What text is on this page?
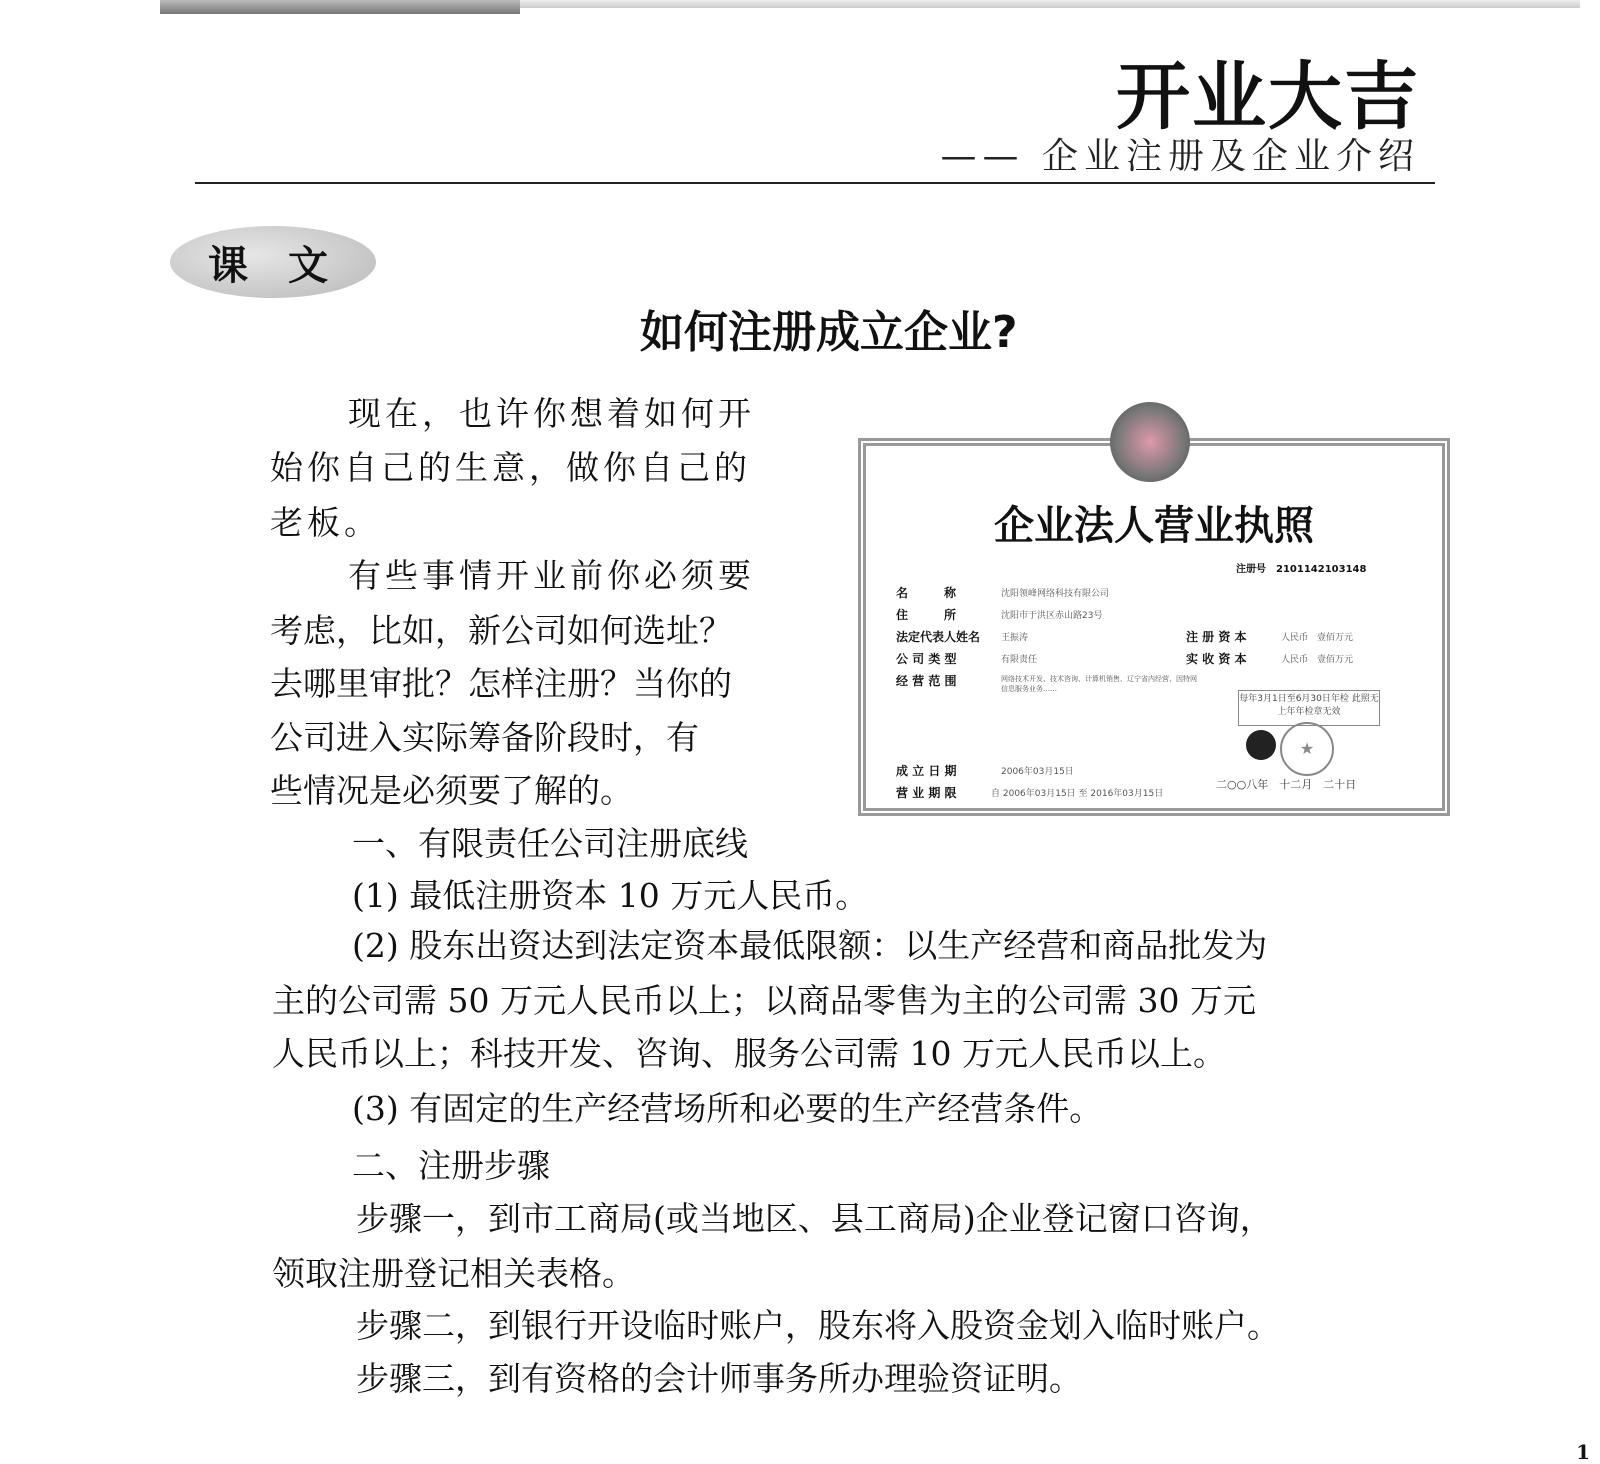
开业大吉
—— 企业注册及企业介绍
课文
如何注册成立企业?
现在，也许你想着如何开
始你自己的生意，做你自己的
老板。
有些事情开业前你必须要
考虑，比如，新公司如何选址？
去哪里审批？怎样注册？当你的
公司进入实际筹备阶段时，有
些情况是必须要了解的。
一、有限责任公司注册底线
(1) 最低注册资本 10 万元人民币。
(2) 股东出资达到法定资本最低限额：以生产经营和商品批发为
主的公司需 50 万元人民币以上；以商品零售为主的公司需 30 万元
人民币以上；科技开发、咨询、服务公司需 10 万元人民币以上。
(3) 有固定的生产经营场所和必要的生产经营条件。
二、注册步骤
步骤一，到市工商局(或当地区、县工商局)企业登记窗口咨询，
领取注册登记相关表格。
步骤二，到银行开设临时账户，股东将入股资金划入临时账户。
步骤三，到有资格的会计师事务所办理验资证明。
企业法人营业执照
注册号　 2101142103148
名　　　称	沈阳领峰网络科技有限公司
住　　　所	沈阳市于洪区赤山路23号
法定代表人姓名 王振涛
公 司 类 型	有限责任
经 营 范 围	网络技术开发、技术咨询、计算机销售、辽宁省内经营、因特网信息服务业务……
成 立 日 期	2006年03月15日
营 业 期 限	自 2006年03月15日 至 2016年03月15日
注 册 资 本	人民币　壹佰万元
实 收 资 本	人民币　壹佰万元
每年3月1日至6月30日年检 此照无上年年检章无效
★
二○○八年　十二月　二十日
1
